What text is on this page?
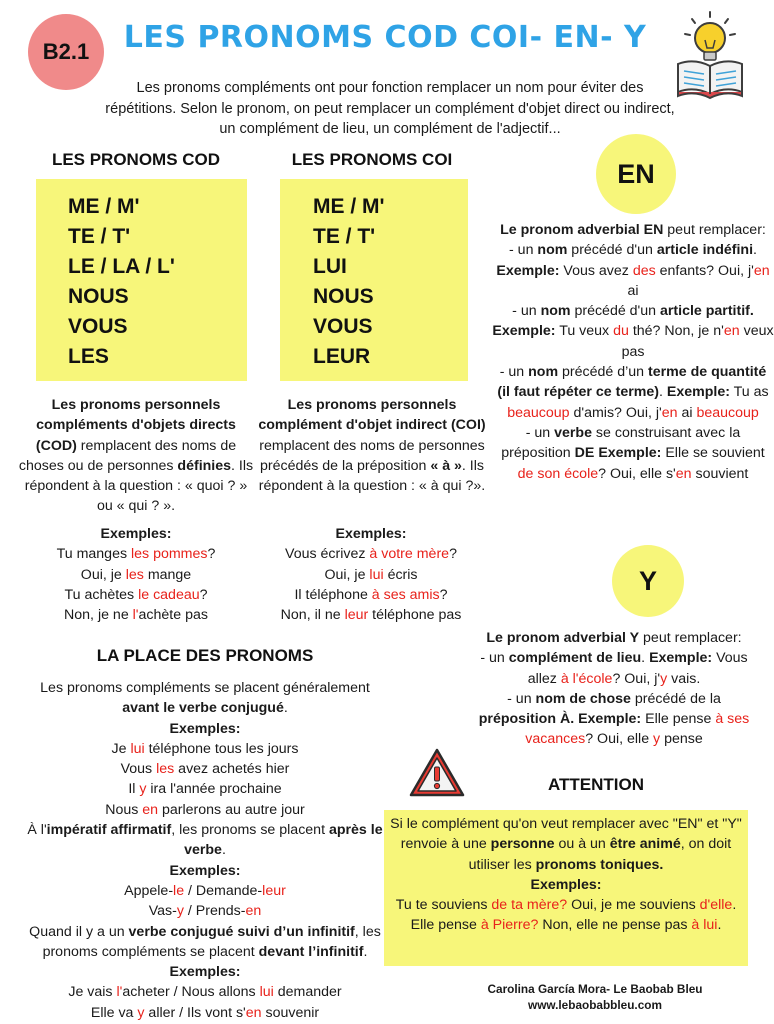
B2.1	LES PRONOMS COD COI- EN- Y
Les pronoms compléments ont pour fonction remplacer un nom pour éviter des répétitions. Selon le pronom, on peut remplacer un complément d'objet direct ou indirect, un complément de lieu, un complément de l'adjectif...
LES PRONOMS COD
ME / M'
TE / T'
LE / LA / L'
NOUS
VOUS
LES
Les pronoms personnels compléments d'objets directs (COD) remplacent des noms de choses ou de personnes définies. Ils répondent à la question : « quoi ? » ou « qui ? ».
Exemples:
Tu manges les pommes?
Oui, je les mange
Tu achètes le cadeau?
Non, je ne l'achète pas
LES PRONOMS COI
ME / M'
TE / T'
LUI
NOUS
VOUS
LEUR
Les pronoms personnels complément d'objet indirect (COI) remplacent des noms de personnes précédés de la préposition « à ». Ils répondent à la question : « à qui ?».
Exemples:
Vous écrivez à votre mère?
Oui, je lui écris
Il téléphone à ses amis?
Non, il ne leur téléphone pas
LA PLACE DES PRONOMS
Les pronoms compléments se placent généralement avant le verbe conjugué.
Exemples:
Je lui téléphone tous les jours
Vous les avez achetés hier
Il y ira l'année prochaine
Nous en parlerons au autre jour
À l'impératif affirmatif, les pronoms se placent après le verbe.
Exemples:
Appele-le / Demande-leur
Vas-y / Prends-en
Quand il y a un verbe conjugué suivi d’un infinitif, les pronoms compléments se placent devant l’infinitif. Exemples:
Je vais l'acheter / Nous allons lui demander
Elle va y aller / Ils vont s'en souvenir
EN
Le pronom adverbial EN peut remplacer:
- un nom précédé d'un article indéfini. Exemple: Vous avez des enfants? Oui, j'en ai
- un nom précédé d'un article partitif. Exemple: Tu veux du thé? Non, je n'en veux pas
- un nom précédé d’un terme de quantité (il faut répéter ce terme). Exemple: Tu as beaucoup d'amis? Oui, j'en ai beaucoup
- un verbe se construisant avec la préposition DE Exemple: Elle se souvient de son école? Oui, elle s'en souvient
Y
Le pronom adverbial Y peut remplacer:
- un complément de lieu. Exemple: Vous allez à l'école? Oui, j'y vais.
- un nom de chose précédé de la préposition À. Exemple: Elle pense à ses vacances? Oui, elle y pense
ATTENTION
Si le complément qu'on veut remplacer avec "EN" et "Y" renvoie à une personne ou à un être animé, on doit utiliser les pronoms toniques.
Exemples:
Tu te souviens de ta mère? Oui, je me souviens d'elle.
Elle pense à Pierre? Non, elle ne pense pas à lui.
Carolina García Mora- Le Baobab Bleu
www.lebaobabbleu.com
